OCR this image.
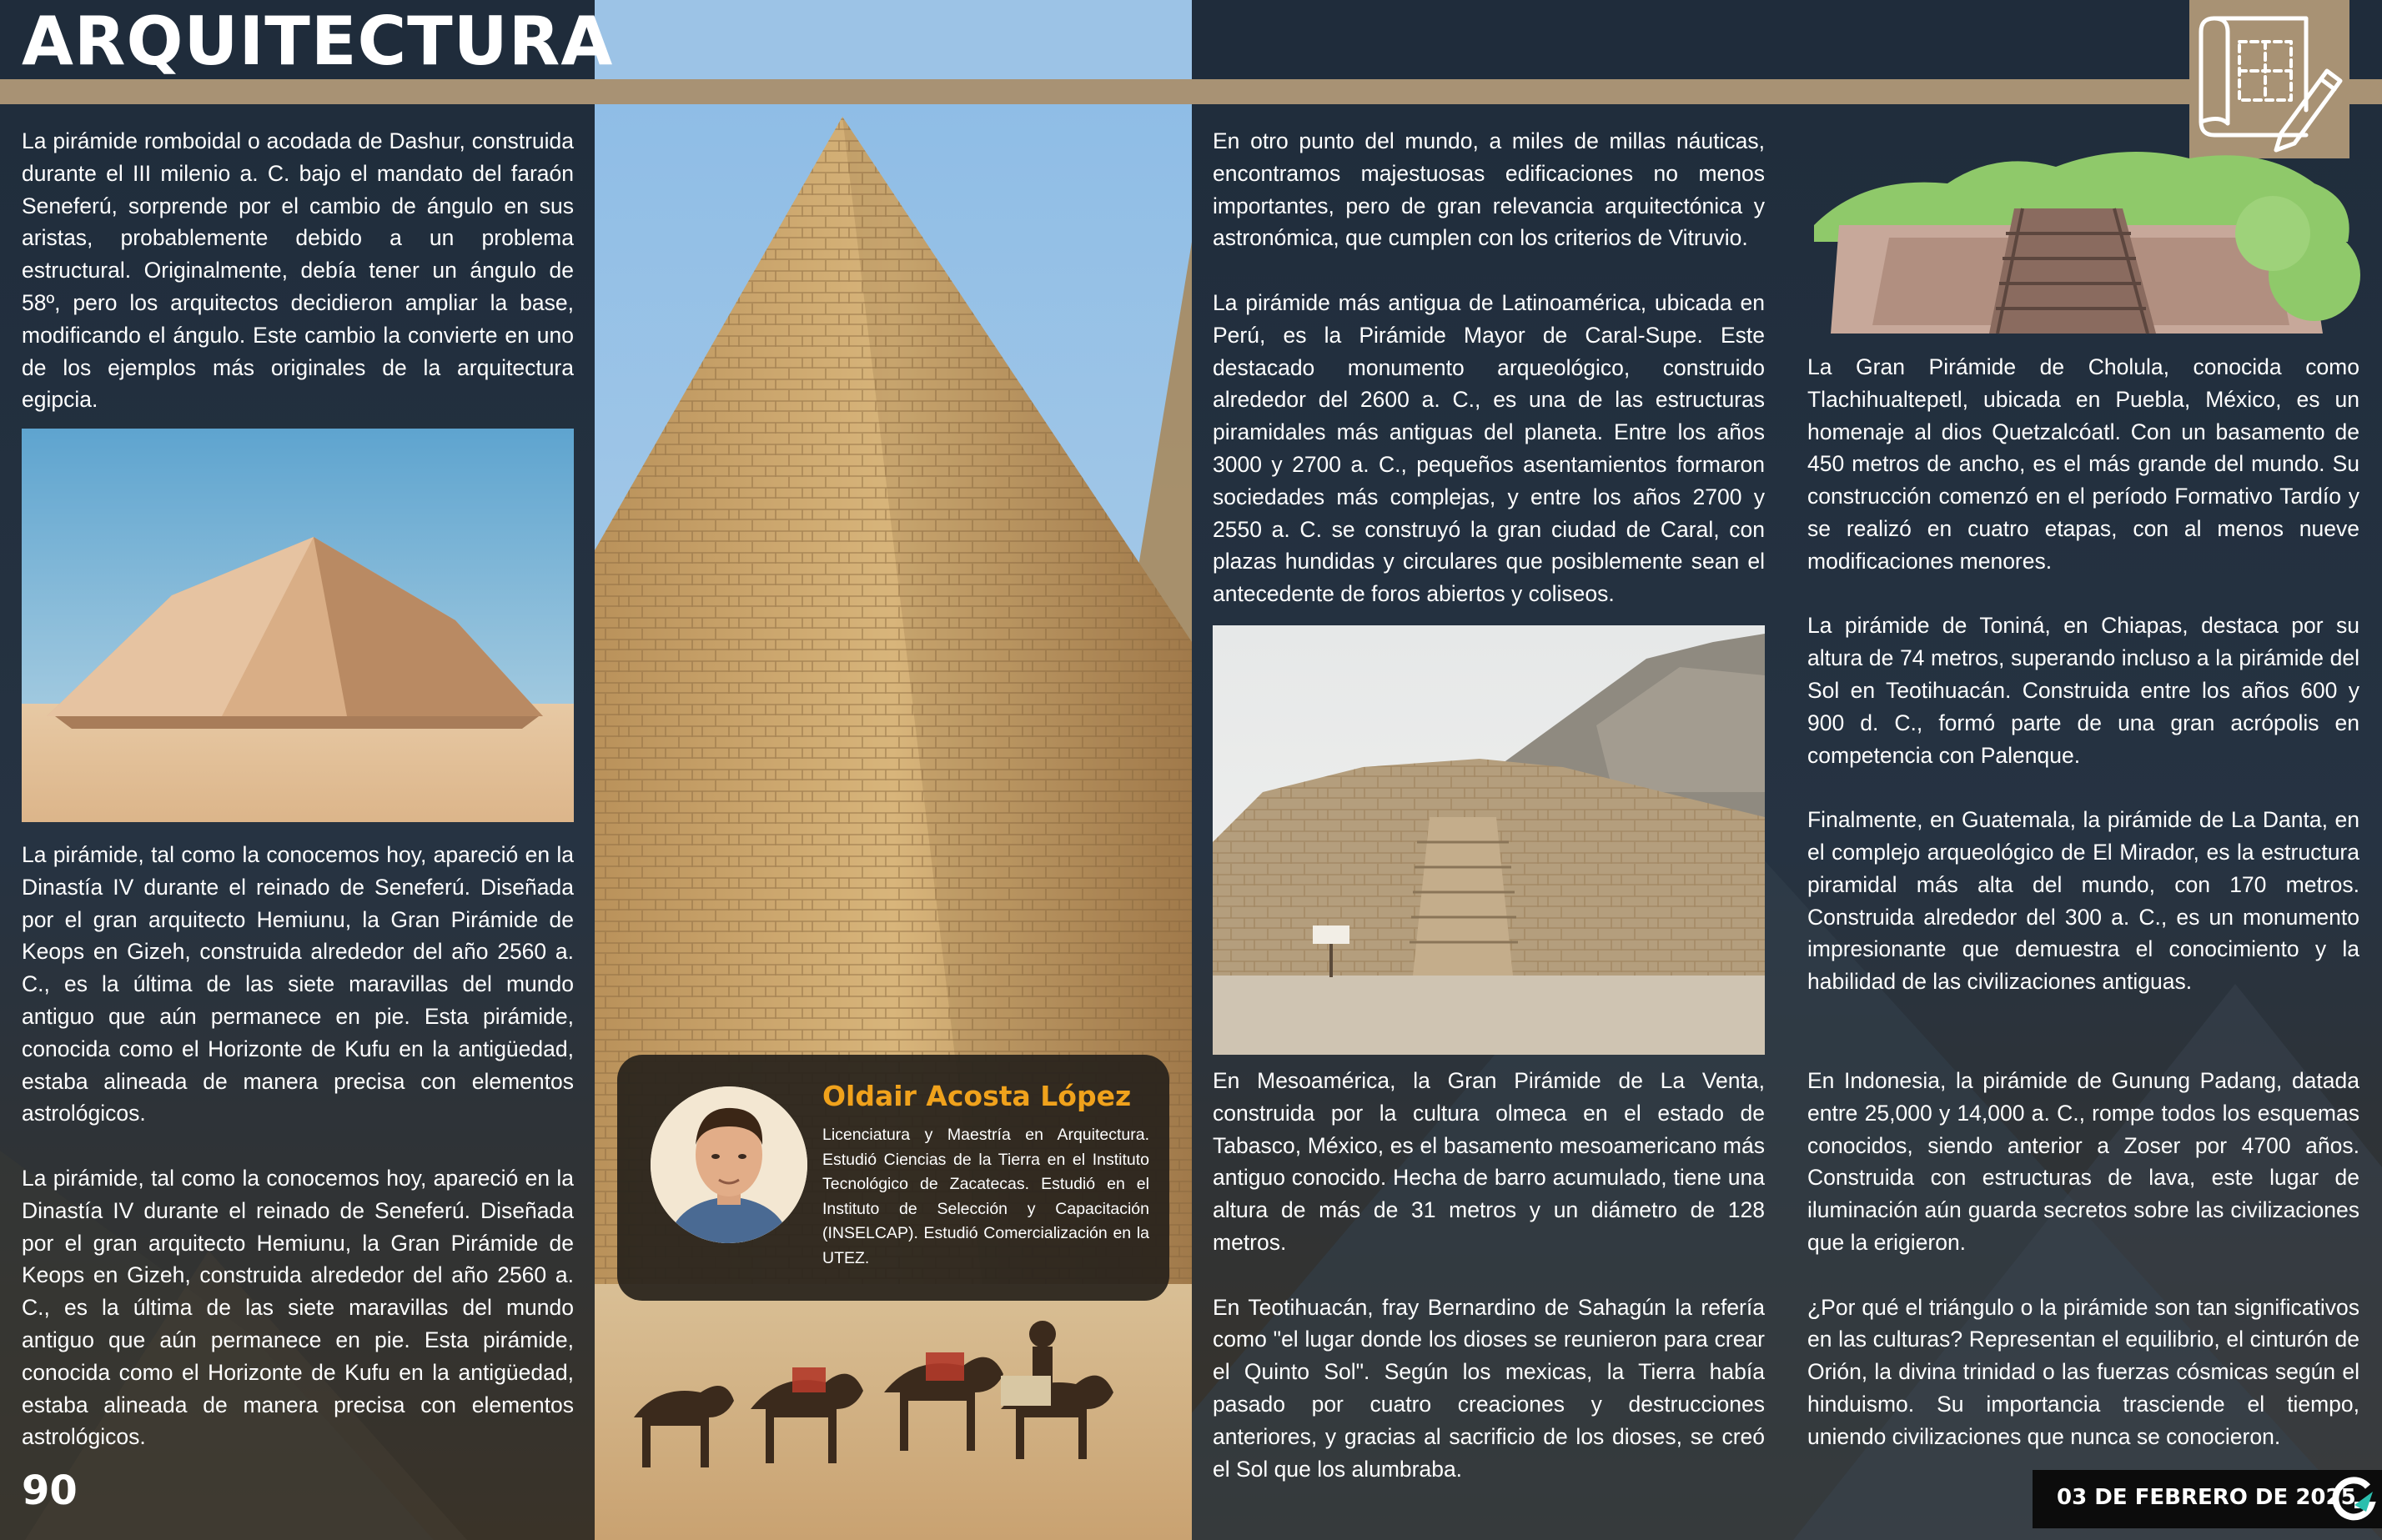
ARQUITECTURA

La pirámide romboidal o acodada de Dashur, construida durante el III milenio a. C. bajo el mandato del faraón Seneferú, sorprende por el cambio de ángulo en sus aristas, probablemente debido a un problema estructural. Originalmente, debía tener un ángulo de 58º, pero los arquitectos decidieron ampliar la base, modificando el ángulo. Este cambio la convierte en uno de los ejemplos más originales de la arquitectura egipcia.

La pirámide, tal como la conocemos hoy, apareció en la Dinastía IV durante el reinado de Seneferú. Diseñada por el gran arquitecto Hemiunu, la Gran Pirámide de Keops en Gizeh, construida alrededor del año 2560 a. C., es la última de las siete maravillas del mundo antiguo que aún permanece en pie. Esta pirámide, conocida como el Horizonte de Kufu en la antigüedad, estaba alineada de manera precisa con elementos astrológicos.

La pirámide, tal como la conocemos hoy, apareció en la Dinastía IV durante el reinado de Seneferú. Diseñada por el gran arquitecto Hemiunu, la Gran Pirámide de Keops en Gizeh, construida alrededor del año 2560 a. C., es la última de las siete maravillas del mundo antiguo que aún permanece en pie. Esta pirámide, conocida como el Horizonte de Kufu en la antigüedad, estaba alineada de manera precisa con elementos astrológicos.

Oldair Acosta López

Licenciatura y Maestría en Arquitectura. Estudió Ciencias de la Tierra en el Instituto Tecnológico de Zacatecas. Estudió en el Instituto de Selección y Capacitación (INSELCAP). Estudió Comercialización en la UTEZ.

En otro punto del mundo, a miles de millas náuticas, encontramos majestuosas edificaciones no menos importantes, pero de gran relevancia arquitectónica y astronómica, que cumplen con los criterios de Vitruvio.

La pirámide más antigua de Latinoamérica, ubicada en Perú, es la Pirámide Mayor de Caral-Supe. Este destacado monumento arqueológico, construido alrededor del 2600 a. C., es una de las estructuras piramidales más antiguas del planeta. Entre los años 3000 y 2700 a. C., pequeños asentamientos formaron sociedades más complejas, y entre los años 2700 y 2550 a. C. se construyó la gran ciudad de Caral, con plazas hundidas y circulares que posiblemente sean el antecedente de foros abiertos y coliseos.

En Mesoamérica, la Gran Pirámide de La Venta, construida por la cultura olmeca en el estado de Tabasco, México, es el basamento mesoamericano más antiguo conocido. Hecha de barro acumulado, tiene una altura de más de 31 metros y un diámetro de 128 metros.

En Teotihuacán, fray Bernardino de Sahagún la refería como "el lugar donde los dioses se reunieron para crear el Quinto Sol". Según los mexicas, la Tierra había pasado por cuatro creaciones y destrucciones anteriores, y gracias al sacrificio de los dioses, se creó el Sol que los alumbraba.

La Gran Pirámide de Cholula, conocida como Tlachihualtepetl, ubicada en Puebla, México, es un homenaje al dios Quetzalcóatl. Con un basamento de 450 metros de ancho, es el más grande del mundo. Su construcción comenzó en el período Formativo Tardío y se realizó en cuatro etapas, con al menos nueve modificaciones menores.

La pirámide de Toniná, en Chiapas, destaca por su altura de 74 metros, superando incluso a la pirámide del Sol en Teotihuacán. Construida entre los años 600 y 900 d. C., formó parte de una gran acrópolis en competencia con Palenque.

Finalmente, en Guatemala, la pirámide de La Danta, en el complejo arqueológico de El Mirador, es la estructura piramidal más alta del mundo, con 170 metros. Construida alrededor del 300 a. C., es un monumento impresionante que demuestra el conocimiento y la habilidad de las civilizaciones antiguas.

En Indonesia, la pirámide de Gunung Padang, datada entre 25,000 y 14,000 a. C., rompe todos los esquemas conocidos, siendo anterior a Zoser por 4700 años. Construida con estructuras de lava, este lugar de iluminación aún guarda secretos sobre las civilizaciones que la erigieron.

¿Por qué el triángulo o la pirámide son tan significativos en las culturas? Representan el equilibrio, el cinturón de Orión, la divina trinidad o las fuerzas cósmicas según el hinduismo. Su importancia trasciende el tiempo, uniendo civilizaciones que nunca se conocieron.

90	03 DE FEBRERO DE 2025
